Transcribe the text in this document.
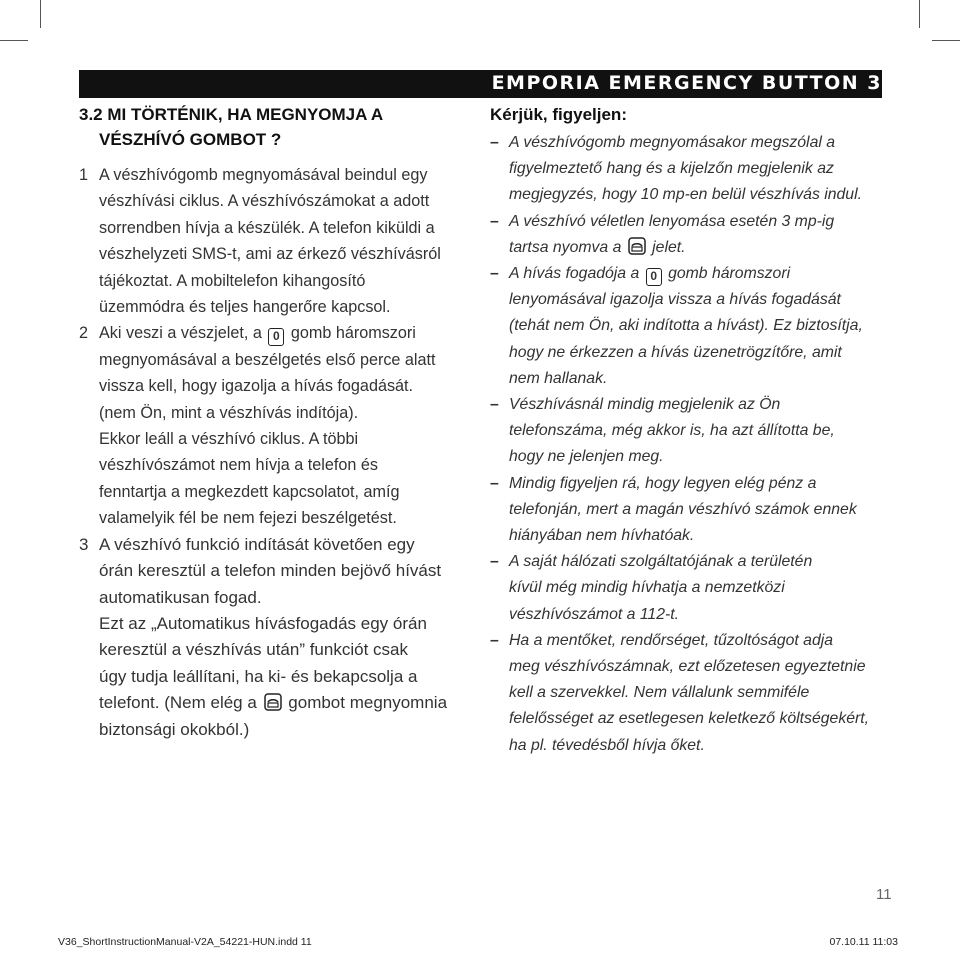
EMPORIA EMERGENCY BUTTON 3
3.2 MI TÖRTÉNIK, HA MEGNYOMJA A
VÉSZHÍVÓ GOMBOT ?
1 A vészhívógomb megnyomásával beindul egy
vészhívási ciklus. A vészhívószámokat a adott
sorrendben hívja a készülék. A telefon kiküldi a
vészhelyzeti SMS-t, ami az érkező vészhívásról
tájékoztat. A mobiltelefon kihangosító
üzemmódra és teljes hangerőre kapcsol.
2 Aki veszi a vészjelet, a 0 gomb háromszori
megnyomásával a beszélgetés első perce alatt
vissza kell, hogy igazolja a hívás fogadását.
(nem Ön, mint a vészhívás indítója).
Ekkor leáll a vészhívó ciklus. A többi
vészhívószámot nem hívja a telefon és
fenntartja a megkezdett kapcsolatot, amíg
valamelyik fél be nem fejezi beszélgetést.
3 A vészhívó funkció indítását követően egy
órán keresztül a telefon minden bejövő hívást
automatikusan fogad.
Ezt az „Automatikus hívásfogadás egy órán
keresztül a vészhívás után” funkciót csak
úgy tudja leállítani, ha ki- és bekapcsolja a
telefont. (Nem elég a gombot megnyomnia
biztonsági okokból.)
Kérjük, figyeljen:
– A vészhívógomb megnyomásakor megszólal a
figyelmeztető hang és a kijelzőn megjelenik az
megjegyzés, hogy 10 mp-en belül vészhívás indul.
– A vészhívó véletlen lenyomása esetén 3 mp-ig
tartsa nyomva a jelet.
– A hívás fogadója a 0 gomb háromszori
lenyomásával igazolja vissza a hívás fogadását
(tehát nem Ön, aki indította a hívást). Ez biztosítja,
hogy ne érkezzen a hívás üzenetrögzítőre, amit
nem hallanak.
– Vészhívásnál mindig megjelenik az Ön
telefonszáma, még akkor is, ha azt állította be,
hogy ne jelenjen meg.
– Mindig figyeljen rá, hogy legyen elég pénz a
telefonján, mert a magán vészhívó számok ennek
hiányában nem hívhatóak.
– A saját hálózati szolgáltatójának a területén
kívül még mindig hívhatja a nemzetközi
vészhívószámot a 112-t.
– Ha a mentőket, rendőrséget, tűzoltóságot adja
meg vészhívószámnak, ezt előzetesen egyeztetnie
kell a szervekkel. Nem vállalunk semmiféle
felelősséget az esetlegesen keletkező költségekért,
ha pl. tévedésből hívja őket.
11
V36_ShortInstructionManual-V2A_54221-HUN.indd 11	07.10.11 11:03
